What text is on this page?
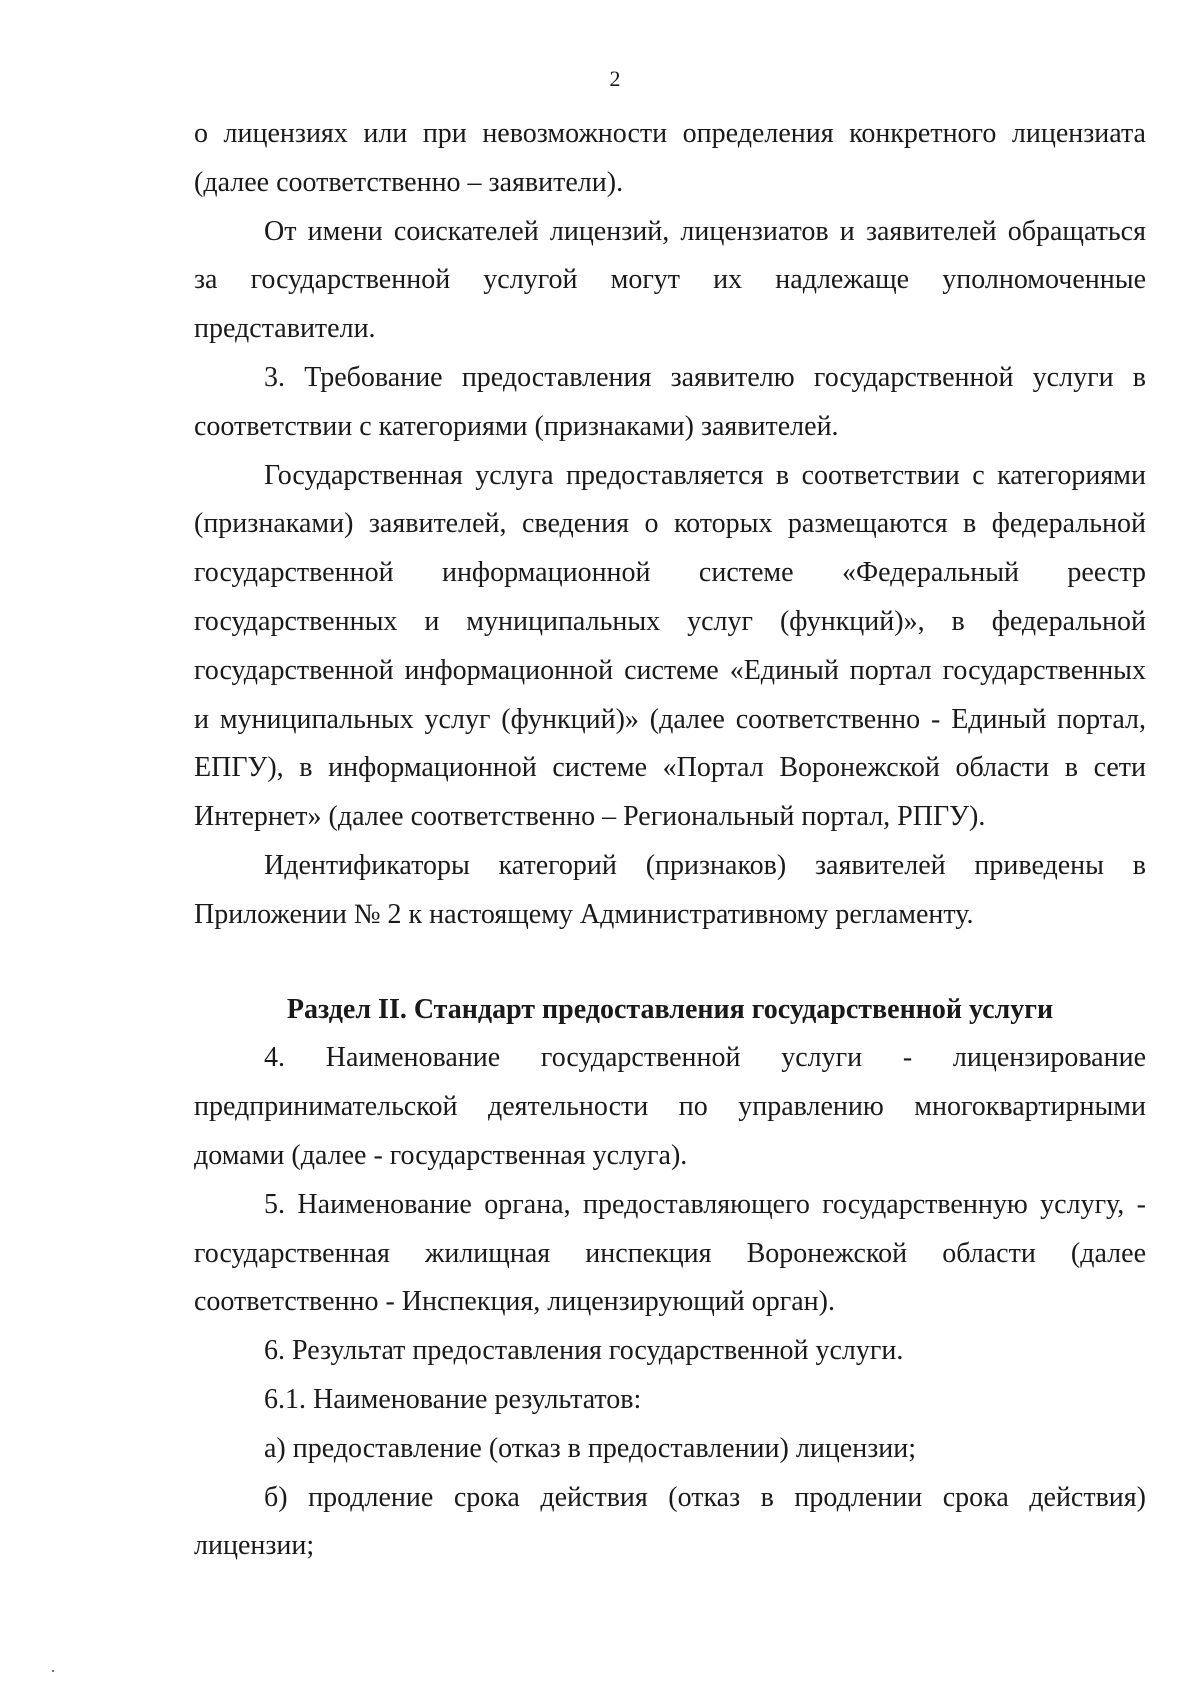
2

о лицензиях или при невозможности определения конкретного лицензиата (далее соответственно – заявители).

От имени соискателей лицензий, лицензиатов и заявителей обращаться за государственной услугой могут их надлежаще уполномоченные представители.

3. Требование предоставления заявителю государственной услуги в соответствии с категориями (признаками) заявителей.

Государственная услуга предоставляется в соответствии с категориями (признаками) заявителей, сведения о которых размещаются в федеральной государственной информационной системе «Федеральный реестр государственных и муниципальных услуг (функций)», в федеральной государственной информационной системе «Единый портал государственных и муниципальных услуг (функций)» (далее соответственно - Единый портал, ЕПГУ), в информационной системе «Портал Воронежской области в сети Интернет» (далее соответственно – Региональный портал, РПГУ).

Идентификаторы категорий (признаков) заявителей приведены в Приложении № 2 к настоящему Административному регламенту.

Раздел II. Стандарт предоставления государственной услуги

4. Наименование государственной услуги - лицензирование предпринимательской деятельности по управлению многоквартирными домами (далее - государственная услуга).

5. Наименование органа, предоставляющего государственную услугу, - государственная жилищная инспекция Воронежской области (далее соответственно - Инспекция, лицензирующий орган).

6. Результат предоставления государственной услуги.

6.1. Наименование результатов:

а) предоставление (отказ в предоставлении) лицензии;

б) продление срока действия (отказ в продлении срока действия) лицензии;
